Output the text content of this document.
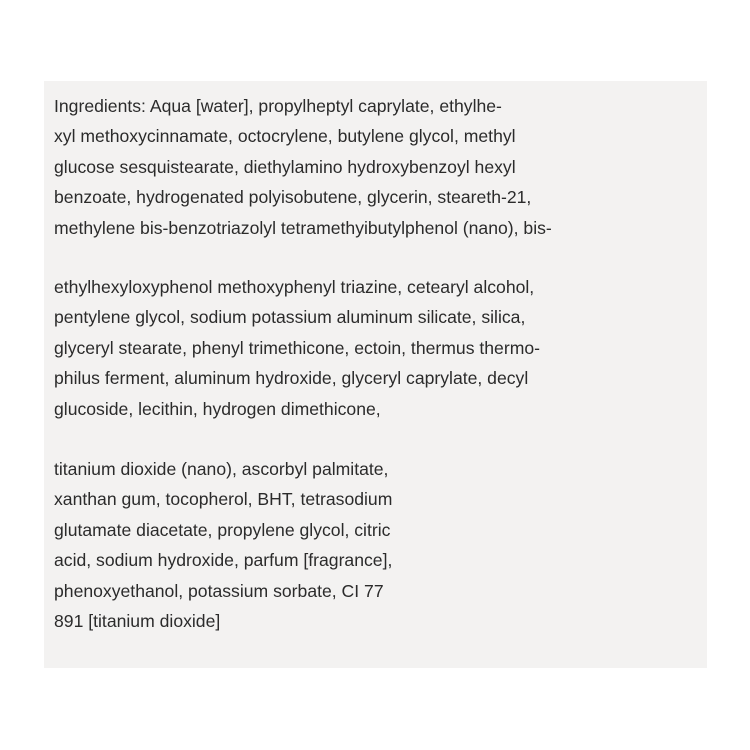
Ingredients: Aqua [water], propylheptyl caprylate, ethylhe-
xyl methoxycinnamate, octocrylene, butylene glycol, methyl
glucose sesquistearate, diethylamino hydroxybenzoyl hexyl
benzoate, hydrogenated polyisobutene, glycerin, steareth-21,
methylene bis-benzotriazolyl tetramethyibutylphenol (nano), bis-

ethylhexyloxyphenol methoxyphenyl triazine, cetearyl alcohol,
pentylene glycol, sodium potassium aluminum silicate, silica,
glyceryl stearate, phenyl trimethicone, ectoin, thermus thermo-
philus ferment, aluminum hydroxide, glyceryl caprylate, decyl
glucoside, lecithin, hydrogen dimethicone,

titanium dioxide (nano), ascorbyl palmitate,
xanthan gum, tocopherol, BHT, tetrasodium
glutamate diacetate, propylene glycol, citric
acid, sodium hydroxide, parfum [fragrance],
phenoxyethanol, potassium sorbate, CI 77
891 [titanium dioxide]
